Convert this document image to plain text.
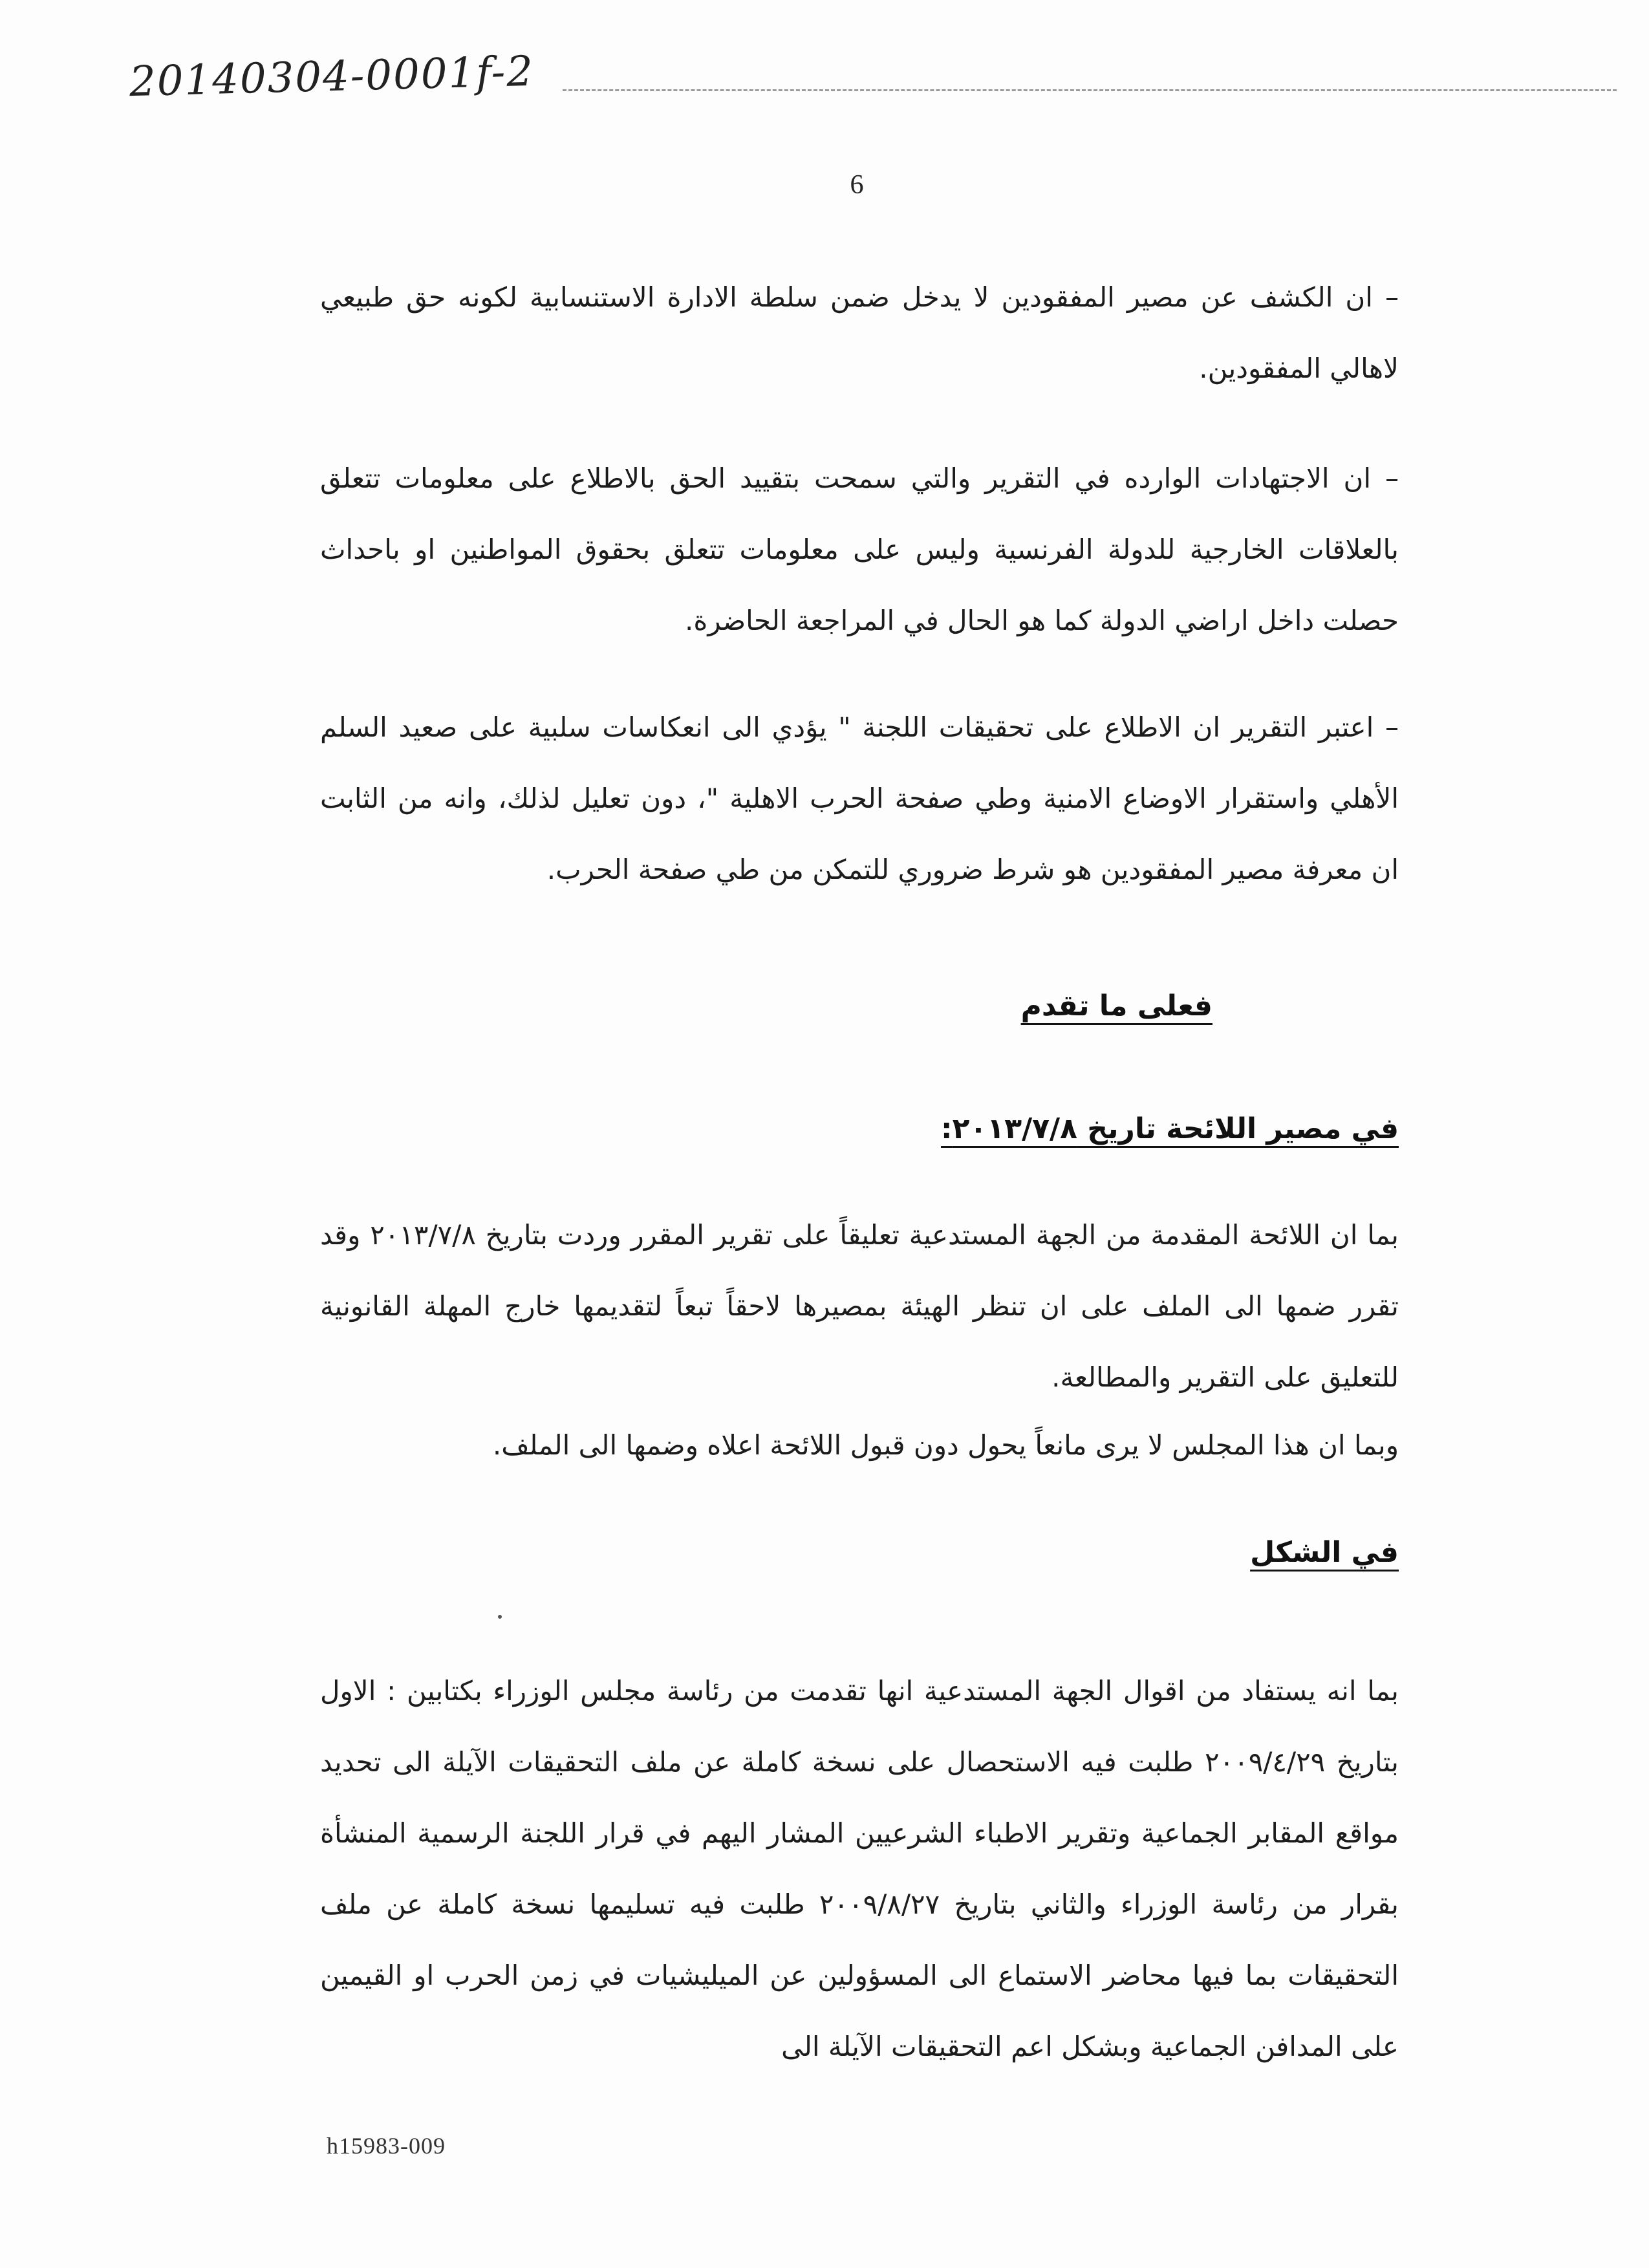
20140304-0001f-2
6

– ان الكشف عن مصير المفقودين لا يدخل ضمن سلطة الادارة الاستنسابية لكونه حق طبيعي لاهالي المفقودين.

– ان الاجتهادات الوارده في التقرير والتي سمحت بتقييد الحق بالاطلاع على معلومات تتعلق بالعلاقات الخارجية للدولة الفرنسية وليس على معلومات تتعلق بحقوق المواطنين او باحداث حصلت داخل اراضي الدولة كما هو الحال في المراجعة الحاضرة.

– اعتبر التقرير ان الاطلاع على تحقيقات اللجنة " يؤدي الى انعكاسات سلبية على صعيد السلم الأهلي واستقرار الاوضاع الامنية وطي صفحة الحرب الاهلية "، دون تعليل لذلك، وانه من الثابت ان معرفة مصير المفقودين هو شرط ضروري للتمكن من طي صفحة الحرب.

فعلى ما تقدم
في مصير اللائحة تاريخ ٢٠١٣/٧/٨:

بما ان اللائحة المقدمة من الجهة المستدعية تعليقاً على تقرير المقرر وردت بتاريخ ٢٠١٣/٧/٨ وقد تقرر ضمها الى الملف على ان تنظر الهيئة بمصيرها لاحقاً تبعاً لتقديمها خارج المهلة القانونية للتعليق على التقرير والمطالعة.

وبما ان هذا المجلس لا يرى مانعاً يحول دون قبول اللائحة اعلاه وضمها الى الملف.

في الشكل

بما انه يستفاد من اقوال الجهة المستدعية انها تقدمت من رئاسة مجلس الوزراء بكتابين : الاول بتاريخ ٢٠٠٩/٤/٢٩ طلبت فيه الاستحصال على نسخة كاملة عن ملف التحقيقات الآيلة الى تحديد مواقع المقابر الجماعية وتقرير الاطباء الشرعيين المشار اليهم في قرار اللجنة الرسمية المنشأة بقرار من رئاسة الوزراء والثاني بتاريخ ٢٠٠٩/٨/٢٧ طلبت فيه تسليمها نسخة كاملة عن ملف التحقيقات بما فيها محاضر الاستماع الى المسؤولين عن الميليشيات في زمن الحرب او القيمين على المدافن الجماعية وبشكل اعم التحقيقات الآيلة الى

h15983-009
